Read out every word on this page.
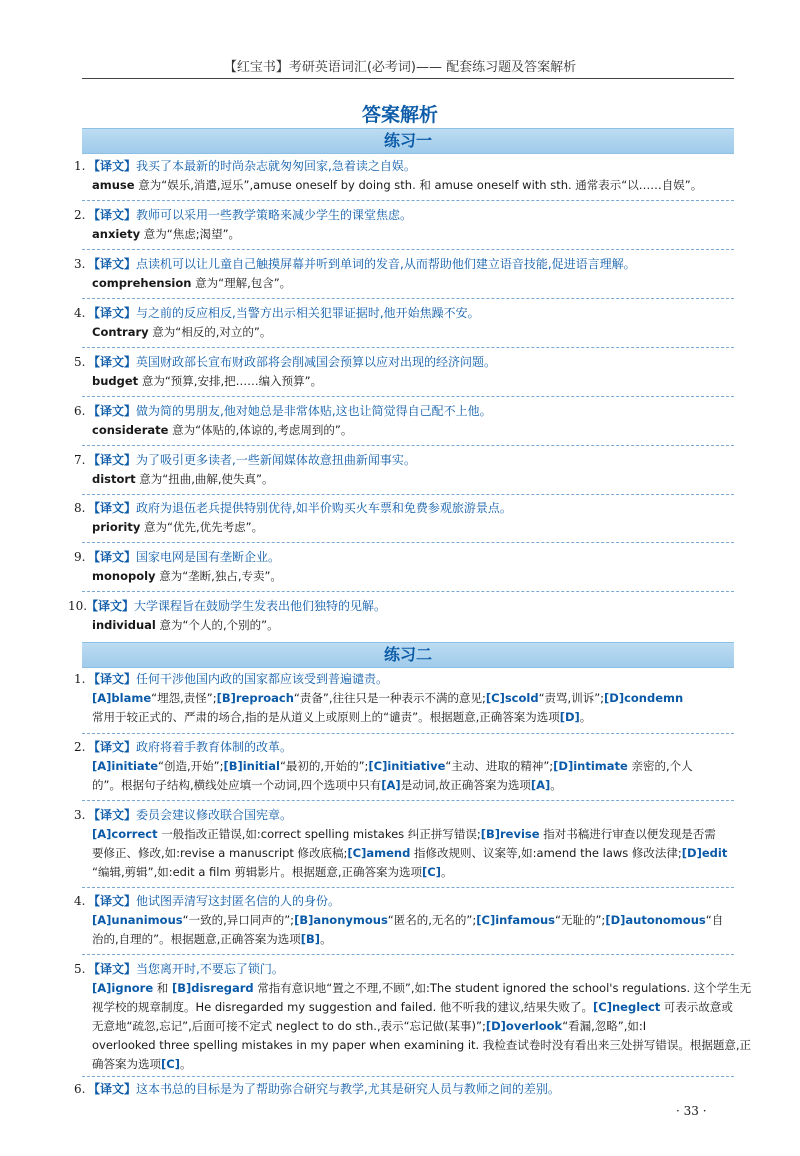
【红宝书】考研英语词汇(必考词)—— 配套练习题及答案解析
答案解析
练习一
1. 【译文】我买了本最新的时尚杂志就匆匆回家,急着读之自娱。
amuse 意为“娱乐,消遣,逗乐”,amuse oneself by doing sth. 和 amuse oneself with sth. 通常表示“以……自娱”。
2. 【译文】教师可以采用一些教学策略来减少学生的课堂焦虑。
anxiety 意为“焦虑;渴望”。
3. 【译文】点读机可以让儿童自己触摸屏幕并听到单词的发音,从而帮助他们建立语音技能,促进语言理解。
comprehension 意为“理解,包含”。
4. 【译文】与之前的反应相反,当警方出示相关犯罪证据时,他开始焦躁不安。
Contrary 意为“相反的,对立的”。
5. 【译文】英国财政部长宣布财政部将会削减国会预算以应对出现的经济问题。
budget 意为“预算,安排,把……编入预算”。
6. 【译文】做为简的男朋友,他对她总是非常体贴,这也让简觉得自己配不上他。
considerate 意为“体贴的,体谅的,考虑周到的”。
7. 【译文】为了吸引更多读者,一些新闻媒体故意扭曲新闻事实。
distort 意为“扭曲,曲解,使失真”。
8. 【译文】政府为退伍老兵提供特别优待,如半价购买火车票和免费参观旅游景点。
priority 意为“优先,优先考虑”。
9. 【译文】国家电网是国有垄断企业。
monopoly 意为“垄断,独占,专卖”。
10.【译文】大学课程旨在鼓励学生发表出他们独特的见解。
individual 意为“个人的,个别的”。
练习二
1. 【译文】任何干涉他国内政的国家都应该受到普遍谴责。
[A]blame“埋怨,责怪”;[B]reproach“责备”,往往只是一种表示不满的意见;[C]scold“责骂,训诉”;[D]condemn
常用于较正式的、严肃的场合,指的是从道义上或原则上的“谴责”。根据题意,正确答案为选项[D]。
2. 【译文】政府将着手教育体制的改革。
[A]initiate“创造,开始”;[B]initial“最初的,开始的”;[C]initiative“主动、进取的精神”;[D]intimate 亲密的,个人
的”。根据句子结构,横线处应填一个动词,四个选项中只有[A]是动词,故正确答案为选项[A]。
3. 【译文】委员会建议修改联合国宪章。
[A]correct 一般指改正错误,如:correct spelling mistakes 纠正拼写错误;[B]revise 指对书稿进行审查以便发现是否需
要修正、修改,如:revise a manuscript 修改底稿;[C]amend 指修改规则、议案等,如:amend the laws 修改法律;[D]edit
“编辑,剪辑”,如:edit a film 剪辑影片。根据题意,正确答案为选项[C]。
4. 【译文】他试图弄清写这封匿名信的人的身份。
[A]unanimous“一致的,异口同声的”;[B]anonymous“匿名的,无名的”;[C]infamous“无耻的”;[D]autonomous“自
治的,自理的”。根据题意,正确答案为选项[B]。
5. 【译文】当您离开时,不要忘了锁门。
[A]ignore 和 [B]disregard 常指有意识地“置之不理,不顾”,如:The student ignored the school's regulations. 这个学生无
视学校的规章制度。He disregarded my suggestion and failed. 他不听我的建议,结果失败了。[C]neglect 可表示故意或
无意地“疏忽,忘记”,后面可接不定式 neglect to do sth.,表示“忘记做(某事)”;[D]overlook“看漏,忽略”,如:I
overlooked three spelling mistakes in my paper when examining it. 我检查试卷时没有看出来三处拼写错误。根据题意,正
确答案为选项[C]。
6. 【译文】这本书总的目标是为了帮助弥合研究与教学,尤其是研究人员与教师之间的差别。
· 33 ·
